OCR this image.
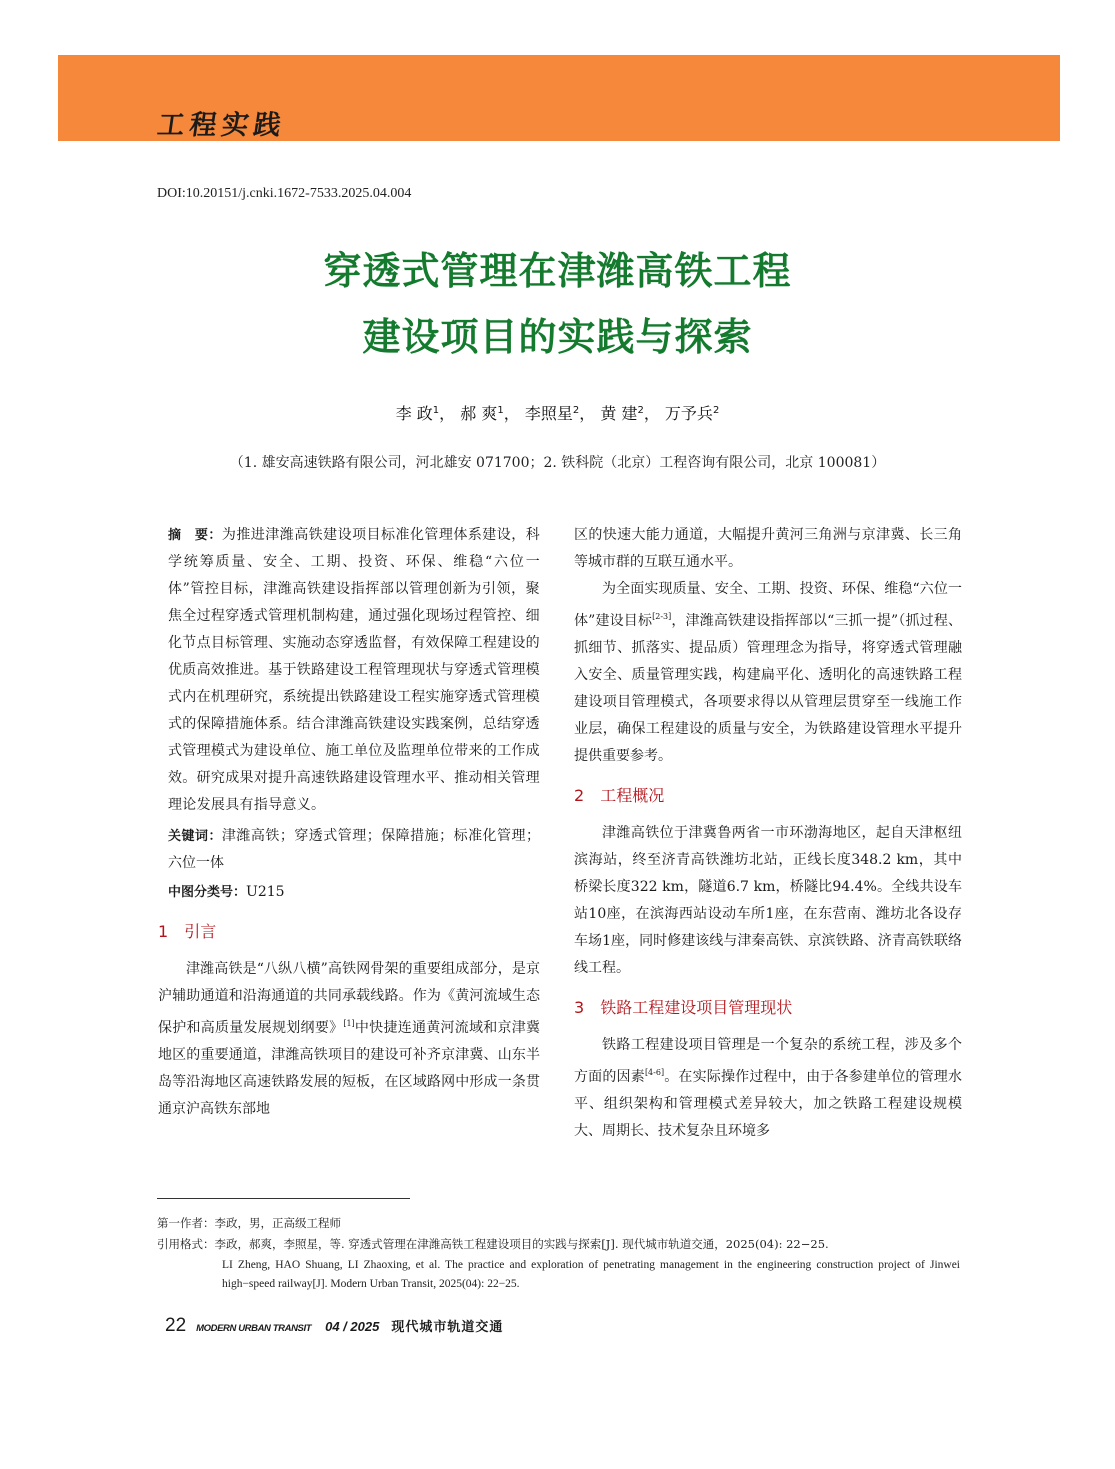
工程实践
DOI:10.20151/j.cnki.1672-7533.2025.04.004
穿透式管理在津潍高铁工程
建设项目的实践与探索
李 政$^1$， 郝 爽$^1$， 李照星$^2$， 黄 建$^2$， 万予兵$^2$
（1. 雄安高速铁路有限公司，河北雄安 071700；2. 铁科院（北京）工程咨询有限公司，北京 100081）

摘　要：为推进津潍高铁建设项目标准化管理体系建设，科学统筹质量、安全、工期、投资、环保、维稳“六位一体”管控目标，津潍高铁建设指挥部以管理创新为引领，聚焦全过程穿透式管理机制构建，通过强化现场过程管控、细化节点目标管理、实施动态穿透监督，有效保障工程建设的优质高效推进。基于铁路建设工程管理现状与穿透式管理模式内在机理研究，系统提出铁路建设工程实施穿透式管理模式的保障措施体系。结合津潍高铁建设实践案例，总结穿透式管理模式为建设单位、施工单位及监理单位带来的工作成效。研究成果对提升高速铁路建设管理水平、推动相关管理理论发展具有指导意义。

关键词：津潍高铁；穿透式管理；保障措施；标准化管理；六位一体

中图分类号：U215

1 引言

津潍高铁是“八纵八横”高铁网骨架的重要组成部分，是京沪辅助通道和沿海通道的共同承载线路。作为《黄河流域生态保护和高质量发展规划纲要》[1]中快捷连通黄河流域和京津冀地区的重要通道，津潍高铁项目的建设可补齐京津冀、山东半岛等沿海地区高速铁路发展的短板，在区域路网中形成一条贯通京沪高铁东部地

区的快速大能力通道，大幅提升黄河三角洲与京津冀、长三角等城市群的互联互通水平。

为全面实现质量、安全、工期、投资、环保、维稳“六位一体”建设目标[2-3]，津潍高铁建设指挥部以“三抓一提”（抓过程、抓细节、抓落实、提品质）管理理念为指导，将穿透式管理融入安全、质量管理实践，构建扁平化、透明化的高速铁路工程建设项目管理模式，各项要求得以从管理层贯穿至一线施工作业层，确保工程建设的质量与安全，为铁路建设管理水平提升提供重要参考。

2 工程概况

津潍高铁位于津冀鲁两省一市环渤海地区，起自天津枢纽滨海站，终至济青高铁潍坊北站，正线长度348.2 km，其中桥梁长度322 km，隧道6.7 km，桥隧比94.4%。全线共设车站10座，在滨海西站设动车所1座，在东营南、潍坊北各设存车场1座，同时修建该线与津秦高铁、京滨铁路、济青高铁联络线工程。

3 铁路工程建设项目管理现状

铁路工程建设项目管理是一个复杂的系统工程，涉及多个方面的因素[4-6]。在实际操作过程中，由于各参建单位的管理水平、组织架构和管理模式差异较大，加之铁路工程建设规模大、周期长、技术复杂且环境多

第一作者：李政，男，正高级工程师
引用格式：李政，郝爽，李照星，等. 穿透式管理在津潍高铁工程建设项目的实践与探索[J]. 现代城市轨道交通，2025(04): 22−25.
LI Zheng, HAO Shuang, LI Zhaoxing, et al. The practice and exploration of penetrating management in the engineering construction project of Jinwei high−speed railway[J]. Modern Urban Transit, 2025(04): 22−25.
22 MODERN URBAN TRANSIT 04 / 2025 现代城市轨道交通
